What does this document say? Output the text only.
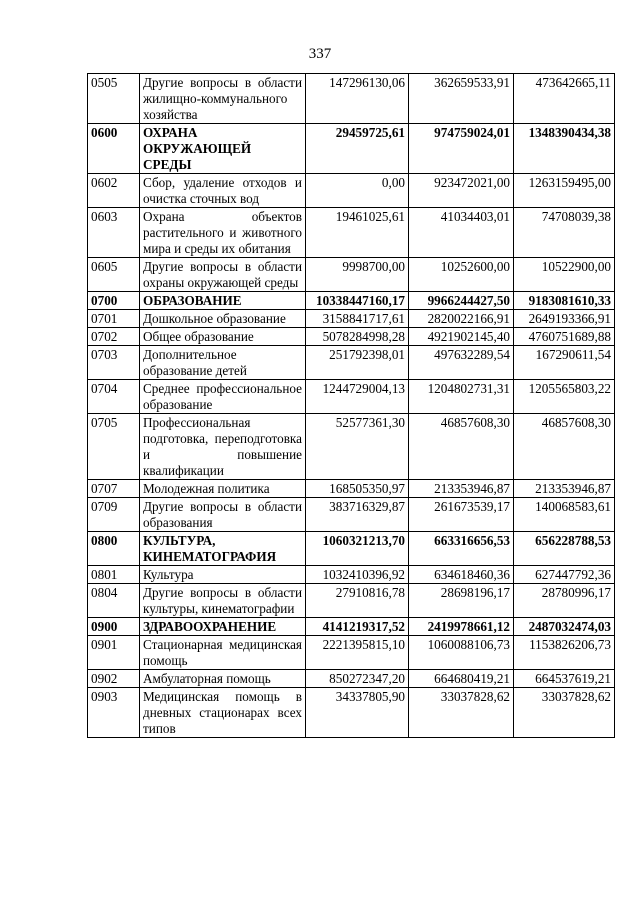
337
0505	Другие вопросы в области жилищно-коммунального хозяйства	147296130,06	362659533,91	473642665,11
0600	ОХРАНА ОКРУЖАЮЩЕЙ СРЕДЫ	29459725,61	974759024,01	1348390434,38
0602	Сбор, удаление отходов и очистка сточных вод	0,00	923472021,00	1263159495,00
0603	Охрана объектов растительного и животного мира и среды их обитания	19461025,61	41034403,01	74708039,38
0605	Другие вопросы в области охраны окружающей среды	9998700,00	10252600,00	10522900,00
0700	ОБРАЗОВАНИЕ	10338447160,17	9966244427,50	9183081610,33
0701	Дошкольное образование	3158841717,61	2820022166,91	2649193366,91
0702	Общее образование	5078284998,28	4921902145,40	4760751689,88
0703	Дополнительное образование детей	251792398,01	497632289,54	167290611,54
0704	Среднее профессиональное образование	1244729004,13	1204802731,31	1205565803,22
0705	Профессиональная подготовка, переподготовка и повышение квалификации	52577361,30	46857608,30	46857608,30
0707	Молодежная политика	168505350,97	213353946,87	213353946,87
0709	Другие вопросы в области образования	383716329,87	261673539,17	140068583,61
0800	КУЛЬТУРА, КИНЕМАТОГРАФИЯ	1060321213,70	663316656,53	656228788,53
0801	Культура	1032410396,92	634618460,36	627447792,36
0804	Другие вопросы в области культуры, кинематографии	27910816,78	28698196,17	28780996,17
0900	ЗДРАВООХРАНЕНИЕ	4141219317,52	2419978661,12	2487032474,03
0901	Стационарная медицинская помощь	2221395815,10	1060088106,73	1153826206,73
0902	Амбулаторная помощь	850272347,20	664680419,21	664537619,21
0903	Медицинская помощь в дневных стационарах всех типов	34337805,90	33037828,62	33037828,62
